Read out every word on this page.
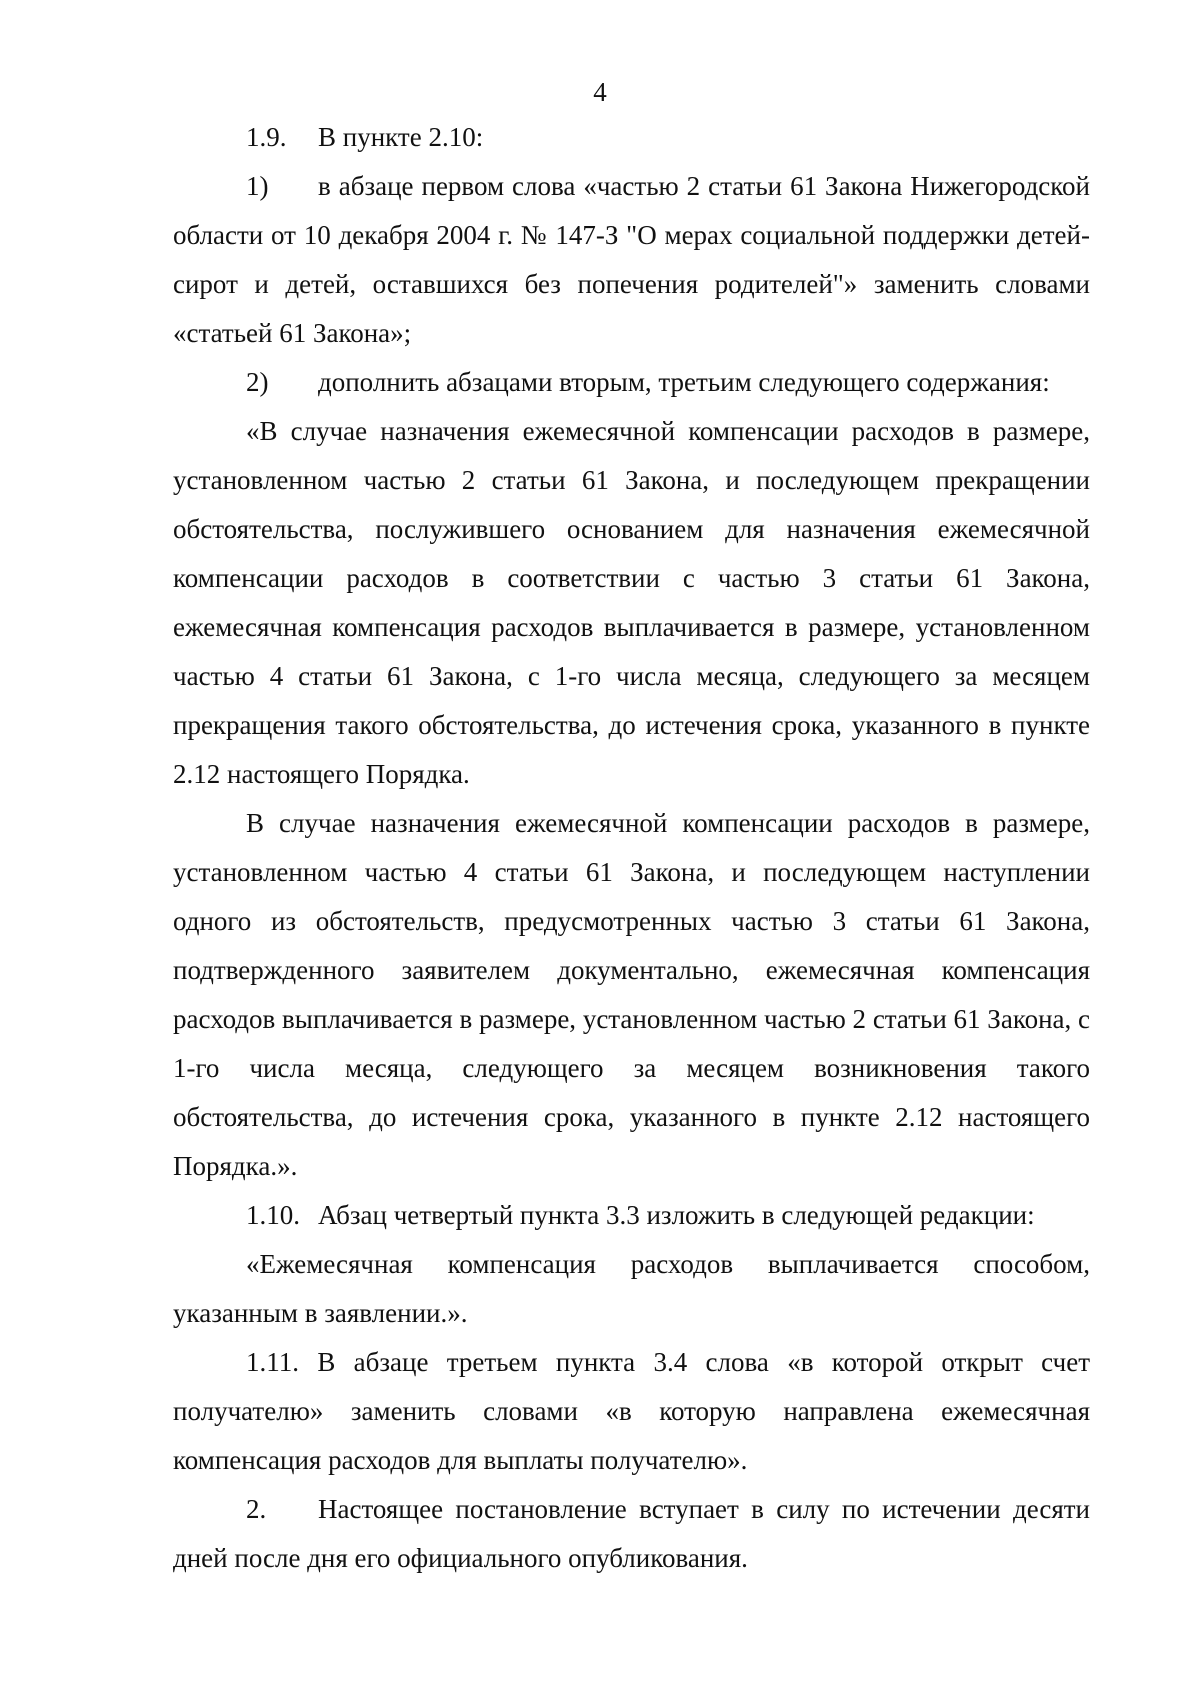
4

1.9. В пункте 2.10:

1) в абзаце первом слова «частью 2 статьи 61 Закона Нижегородской области от 10 декабря 2004 г. № 147-З "О мерах социальной поддержки детей-сирот и детей, оставшихся без попечения родителей"» заменить словами «статьей 61 Закона»;

2) дополнить абзацами вторым, третьим следующего содержания:

«В случае назначения ежемесячной компенсации расходов в размере, установленном частью 2 статьи 61 Закона, и последующем прекращении обстоятельства, послужившего основанием для назначения ежемесячной компенсации расходов в соответствии с частью 3 статьи 61 Закона, ежемесячная компенсация расходов выплачивается в размере, установленном частью 4 статьи 61 Закона, с 1-го числа месяца, следующего за месяцем прекращения такого обстоятельства, до истечения срока, указанного в пункте 2.12 настоящего Порядка.

В случае назначения ежемесячной компенсации расходов в размере, установленном частью 4 статьи 61 Закона, и последующем наступлении одного из обстоятельств, предусмотренных частью 3 статьи 61 Закона, подтвержденного заявителем документально, ежемесячная компенсация расходов выплачивается в размере, установленном частью 2 статьи 61 Закона, с 1-го числа месяца, следующего за месяцем возникновения такого обстоятельства, до истечения срока, указанного в пункте 2.12 настоящего Порядка.».

1.10. Абзац четвертый пункта 3.3 изложить в следующей редакции:

«Ежемесячная компенсация расходов выплачивается способом, указанным в заявлении.».

1.11. В абзаце третьем пункта 3.4 слова «в которой открыт счет получателю» заменить словами «в которую направлена ежемесячная компенсация расходов для выплаты получателю».

2. Настоящее постановление вступает в силу по истечении десяти дней после дня его официального опубликования.
